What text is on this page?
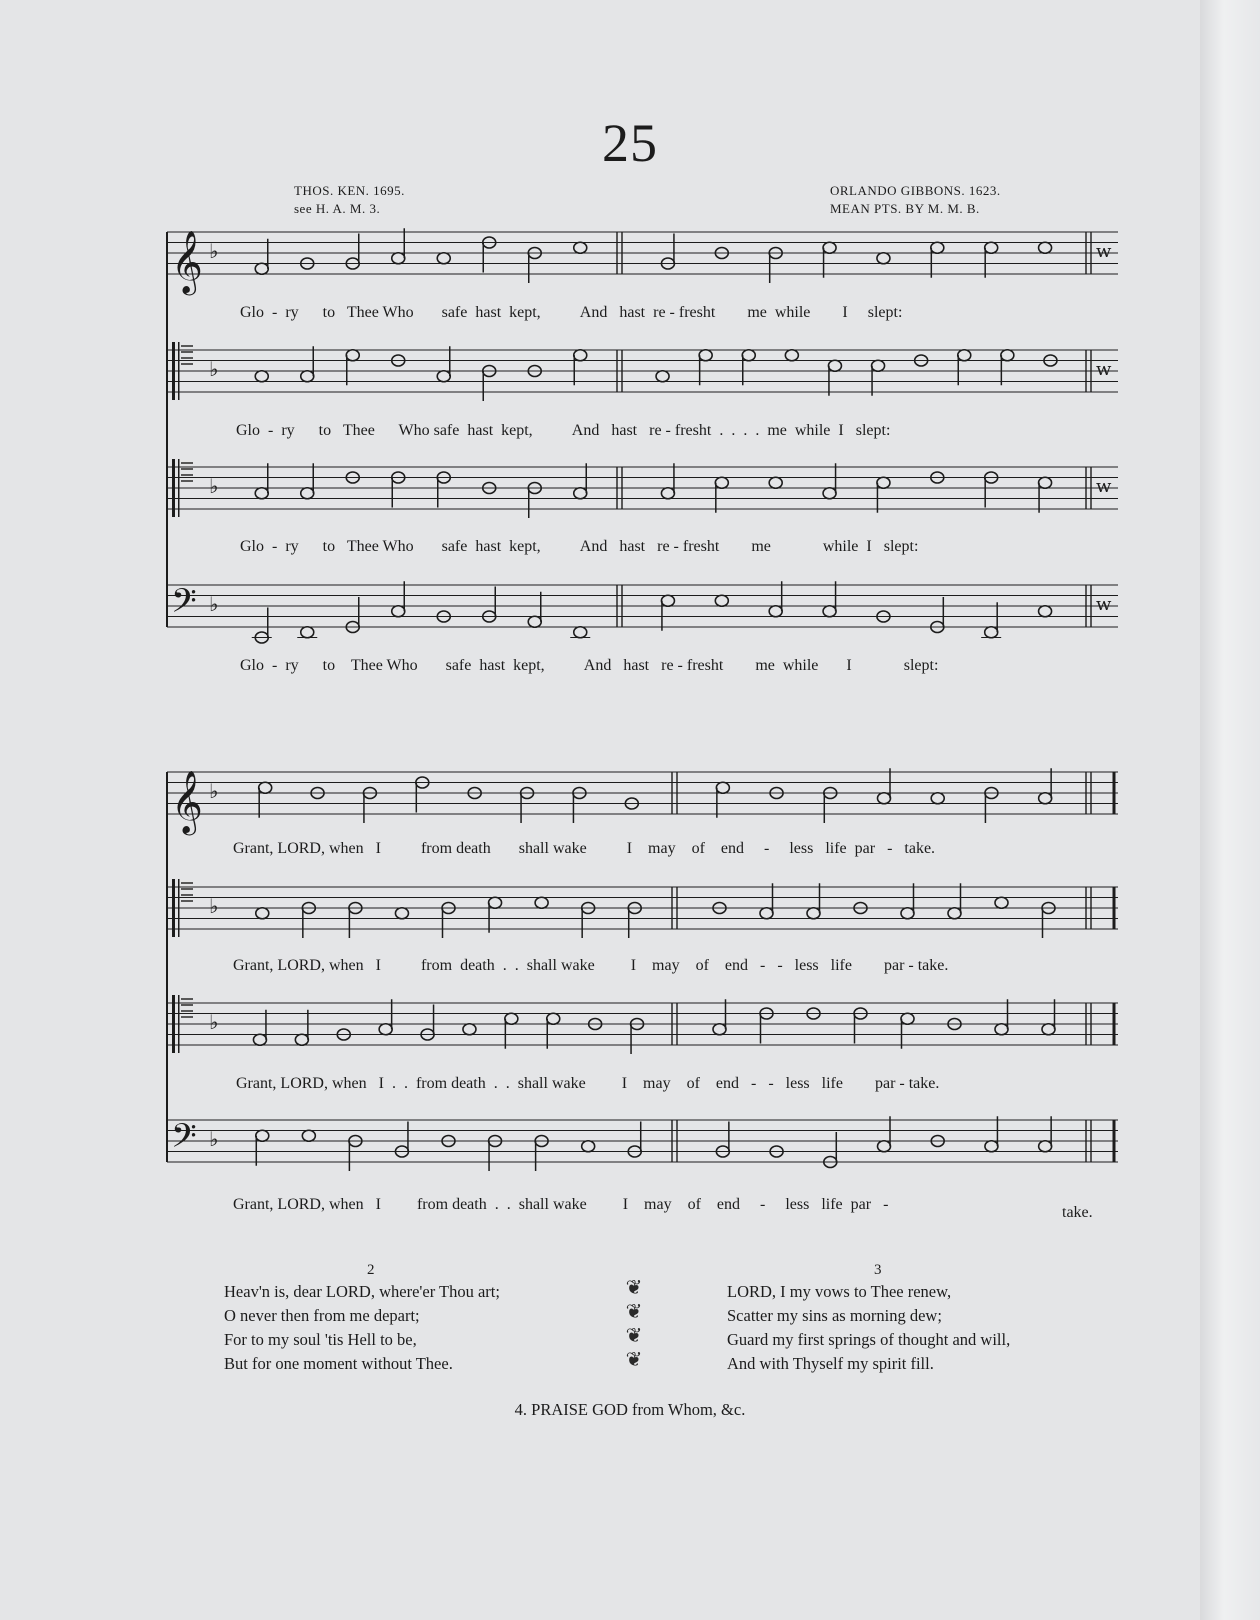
25
THOS. KEN. 1695.
see H. A. M. 3.
ORLANDO GIBBONS. 1623.
MEAN PTS. BY M. M. B.
𝄞 ♭
♭
♭
𝄢 ♭
𝄞 ♭
♭
♭
𝄢 ♭
w
w
w
w
Glo  -  ry      to   Thee Who       safe  hast  kept,          And   hast  re - fresht        me  while        I     slept:
Glo  -  ry      to   Thee      Who safe  hast  kept,          And   hast   re - fresht  .  .  .  .  me  while  I   slept:
Glo  -  ry      to   Thee Who       safe  hast  kept,          And   hast   re - fresht        me             while  I   slept:
Glo  -  ry      to    Thee Who       safe  hast  kept,          And   hast   re - fresht        me  while       I             slept:
Grant, LORD, when   I          from death       shall wake          I    may    of    end     -     less   life  par   -   take.
Grant, LORD, when   I          from  death  .  .  shall wake         I    may    of    end   -   -   less   life        par - take.
Grant, LORD, when   I  .  .  from death  .  .  shall wake         I    may    of    end   -   -   less   life        par - take.
Grant, LORD, when   I         from death  .  .  shall wake         I    may    of    end     -     less   life  par   -	take.
2
Heav'n is, dear LORD, where'er Thou art;
O never then from me depart;
For to my soul 'tis Hell to be,
But for one moment without Thee.
❦
❦
❦
❦
3
LORD, I my vows to Thee renew,
Scatter my sins as morning dew;
Guard my first springs of thought and will,
And with Thyself my spirit fill.
4. PRAISE GOD from Whom, &c.
